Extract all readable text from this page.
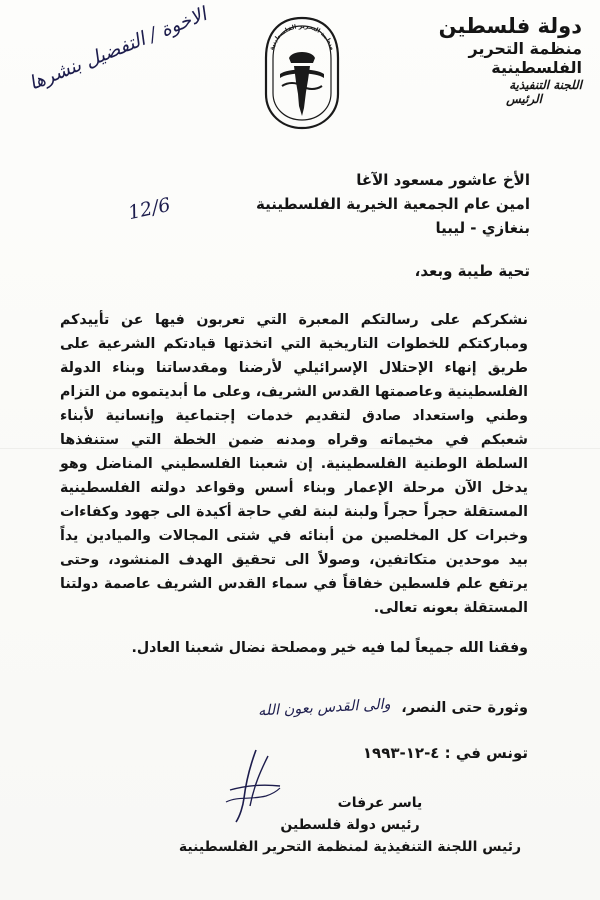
دولة فلسطين
منظمة التحرير الفلسطينية
اللجنة التنفيذية
الرئيس
منظمة التحرير الفلسطينية
الاخوة / التفضيل بنشرها
12/6
الأخ عاشور مسعود الآغا
امين عام الجمعية الخيرية الفلسطينية
بنغازي - ليبيا
تحية طيبة وبعد،
نشكركم على رسالتكم المعبرة التي تعربون فيها عن تأييدكم ومباركتكم للخطوات التاريخية التي اتخذتها قيادتكم الشرعية على طريق إنهاء الإحتلال الإسرائيلي لأرضنا ومقدساتنا وبناء الدولة الفلسطينية وعاصمتها القدس الشريف، وعلى ما أبديتموه من التزام وطني واستعداد صادق لتقديم خدمات إجتماعية وإنسانية لأبناء شعبكم في مخيماته وقراه ومدنه ضمن الخطة التي ستنفذها السلطة الوطنية الفلسطينية. إن شعبنا الفلسطيني المناضل وهو يدخل الآن مرحلة الإعمار وبناء أسس وقواعد دولته الفلسطينية المستقلة حجراً حجراً ولبنة لبنة لفي حاجة أكيدة الى جهود وكفاءات وخبرات كل المخلصين من أبنائه في شتى المجالات والميادين يداً بيد موحدين متكاتفين، وصولاً الى تحقيق الهدف المنشود، وحتى يرتفع علم فلسطين خفاقاً في سماء القدس الشريف عاصمة دولتنا المستقلة بعونه تعالى.
وفقنا الله جميعاً لما فيه خير ومصلحة نضال شعبنا العادل.
وثورة حتى النصر، والى القدس بعون الله
تونس في : ٤-١٢-١٩٩٣
ياسر عرفات
رئيس دولة فلسطين
رئيس اللجنة التنفيذية لمنظمة التحرير الفلسطينية
